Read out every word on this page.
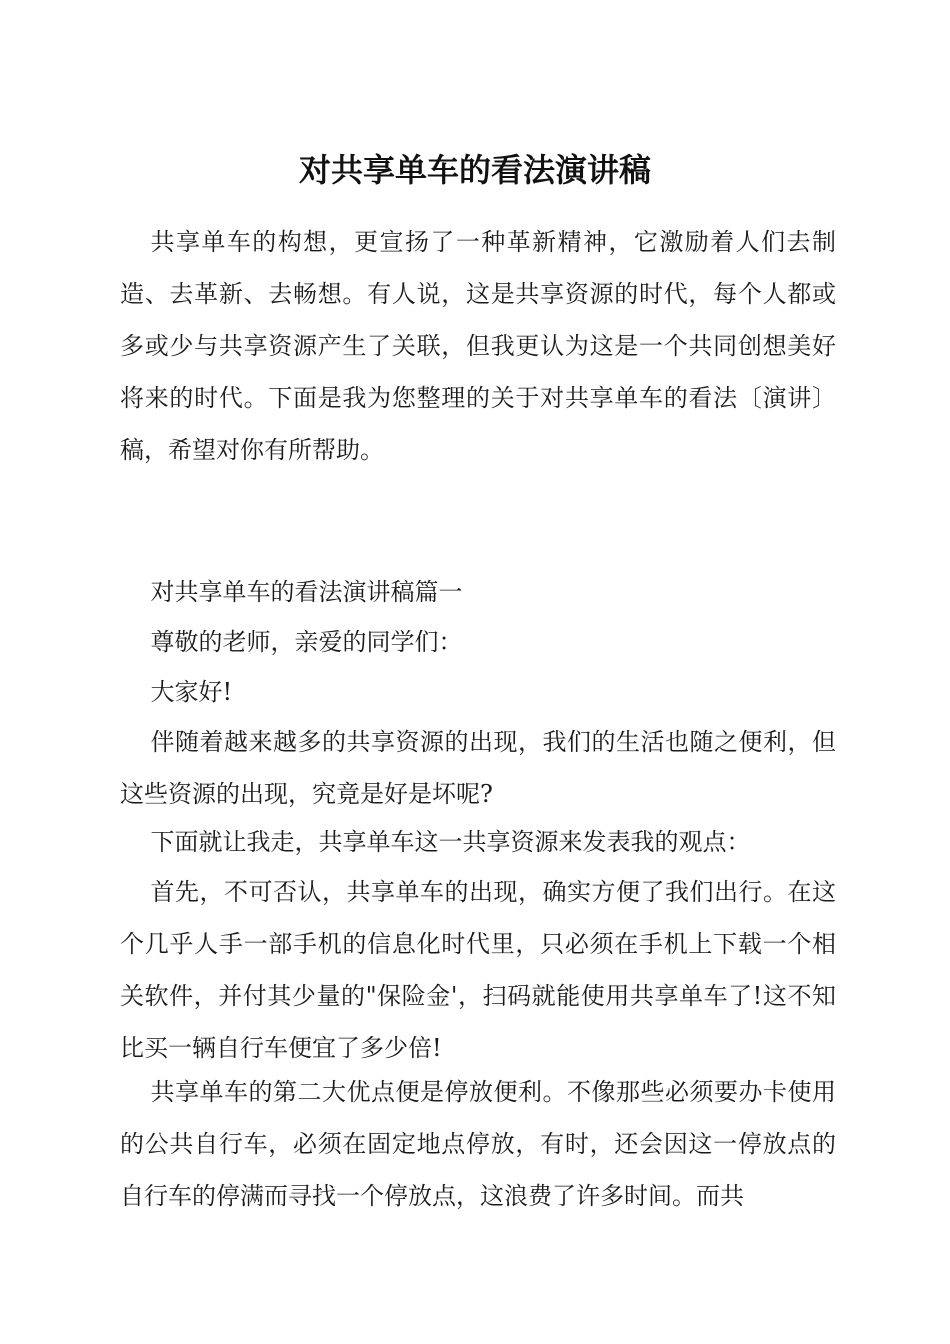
对共享单车的看法演讲稿

共享单车的构想，更宣扬了一种革新精神，它激励着人们去制造、去革新、去畅想。有人说，这是共享资源的时代，每个人都或多或少与共享资源产生了关联，但我更认为这是一个共同创想美好将来的时代。下面是我为您整理的关于对共享单车的看法〔演讲〕稿，希望对你有所帮助。

对共享单车的看法演讲稿篇一

尊敬的老师，亲爱的同学们：

大家好!

伴随着越来越多的共享资源的出现，我们的生活也随之便利，但这些资源的出现，究竟是好是坏呢?

下面就让我走，共享单车这一共享资源来发表我的观点：

首先，不可否认，共享单车的出现，确实方便了我们出行。在这个几乎人手一部手机的信息化时代里，只必须在手机上下载一个相关软件，并付其少量的"保险金'，扫码就能使用共享单车了!这不知比买一辆自行车便宜了多少倍!

共享单车的第二大优点便是停放便利。不像那些必须要办卡使用的公共自行车，必须在固定地点停放，有时，还会因这一停放点的自行车的停满而寻找一个停放点，这浪费了许多时间。而共
